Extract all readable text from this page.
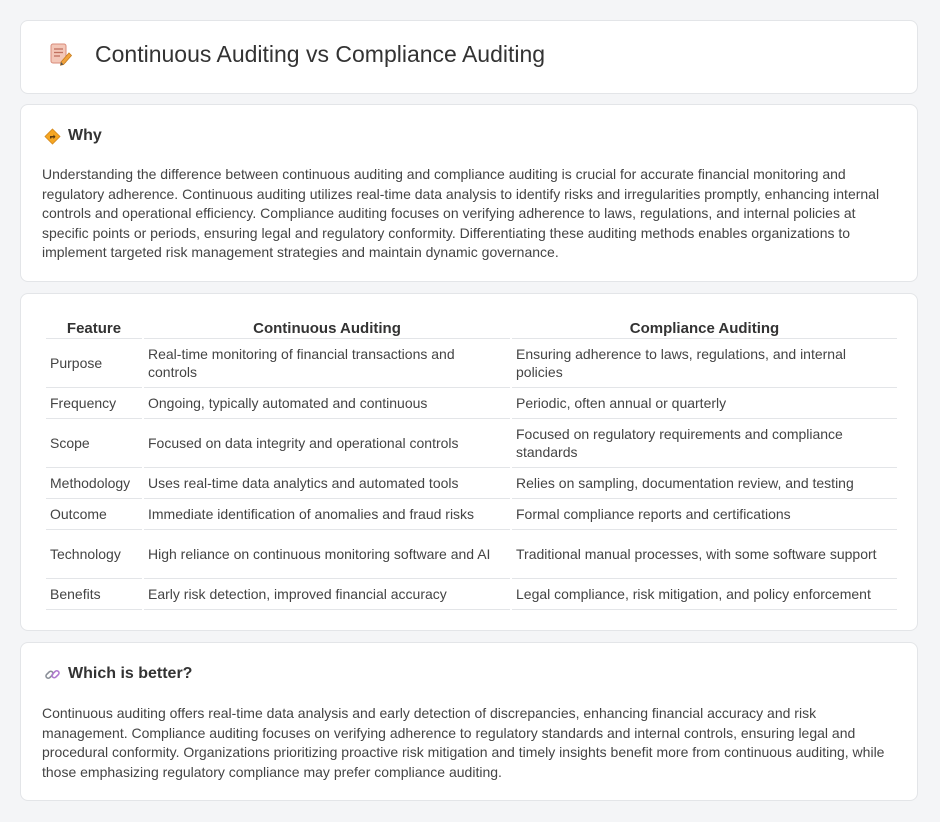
Continuous Auditing vs Compliance Auditing
Why

Understanding the difference between continuous auditing and compliance auditing is crucial for accurate financial monitoring and regulatory adherence. Continuous auditing utilizes real-time data analysis to identify risks and irregularities promptly, enhancing internal controls and operational efficiency. Compliance auditing focuses on verifying adherence to laws, regulations, and internal policies at specific points or periods, ensuring legal and regulatory conformity. Differentiating these auditing methods enables organizations to implement targeted risk management strategies and maintain dynamic governance.

Feature	Continuous Auditing	Compliance Auditing
Purpose	Real-time monitoring of financial transactions and controls	Ensuring adherence to laws, regulations, and internal policies
Frequency	Ongoing, typically automated and continuous	Periodic, often annual or quarterly
Scope	Focused on data integrity and operational controls	Focused on regulatory requirements and compliance standards
Methodology	Uses real-time data analytics and automated tools	Relies on sampling, documentation review, and testing
Outcome	Immediate identification of anomalies and fraud risks	Formal compliance reports and certifications
Technology	High reliance on continuous monitoring software and AI	Traditional manual processes, with some software support
Benefits	Early risk detection, improved financial accuracy	Legal compliance, risk mitigation, and policy enforcement
Which is better?

Continuous auditing offers real-time data analysis and early detection of discrepancies, enhancing financial accuracy and risk management. Compliance auditing focuses on verifying adherence to regulatory standards and internal controls, ensuring legal and procedural conformity. Organizations prioritizing proactive risk mitigation and timely insights benefit more from continuous auditing, while those emphasizing regulatory compliance may prefer compliance auditing.
